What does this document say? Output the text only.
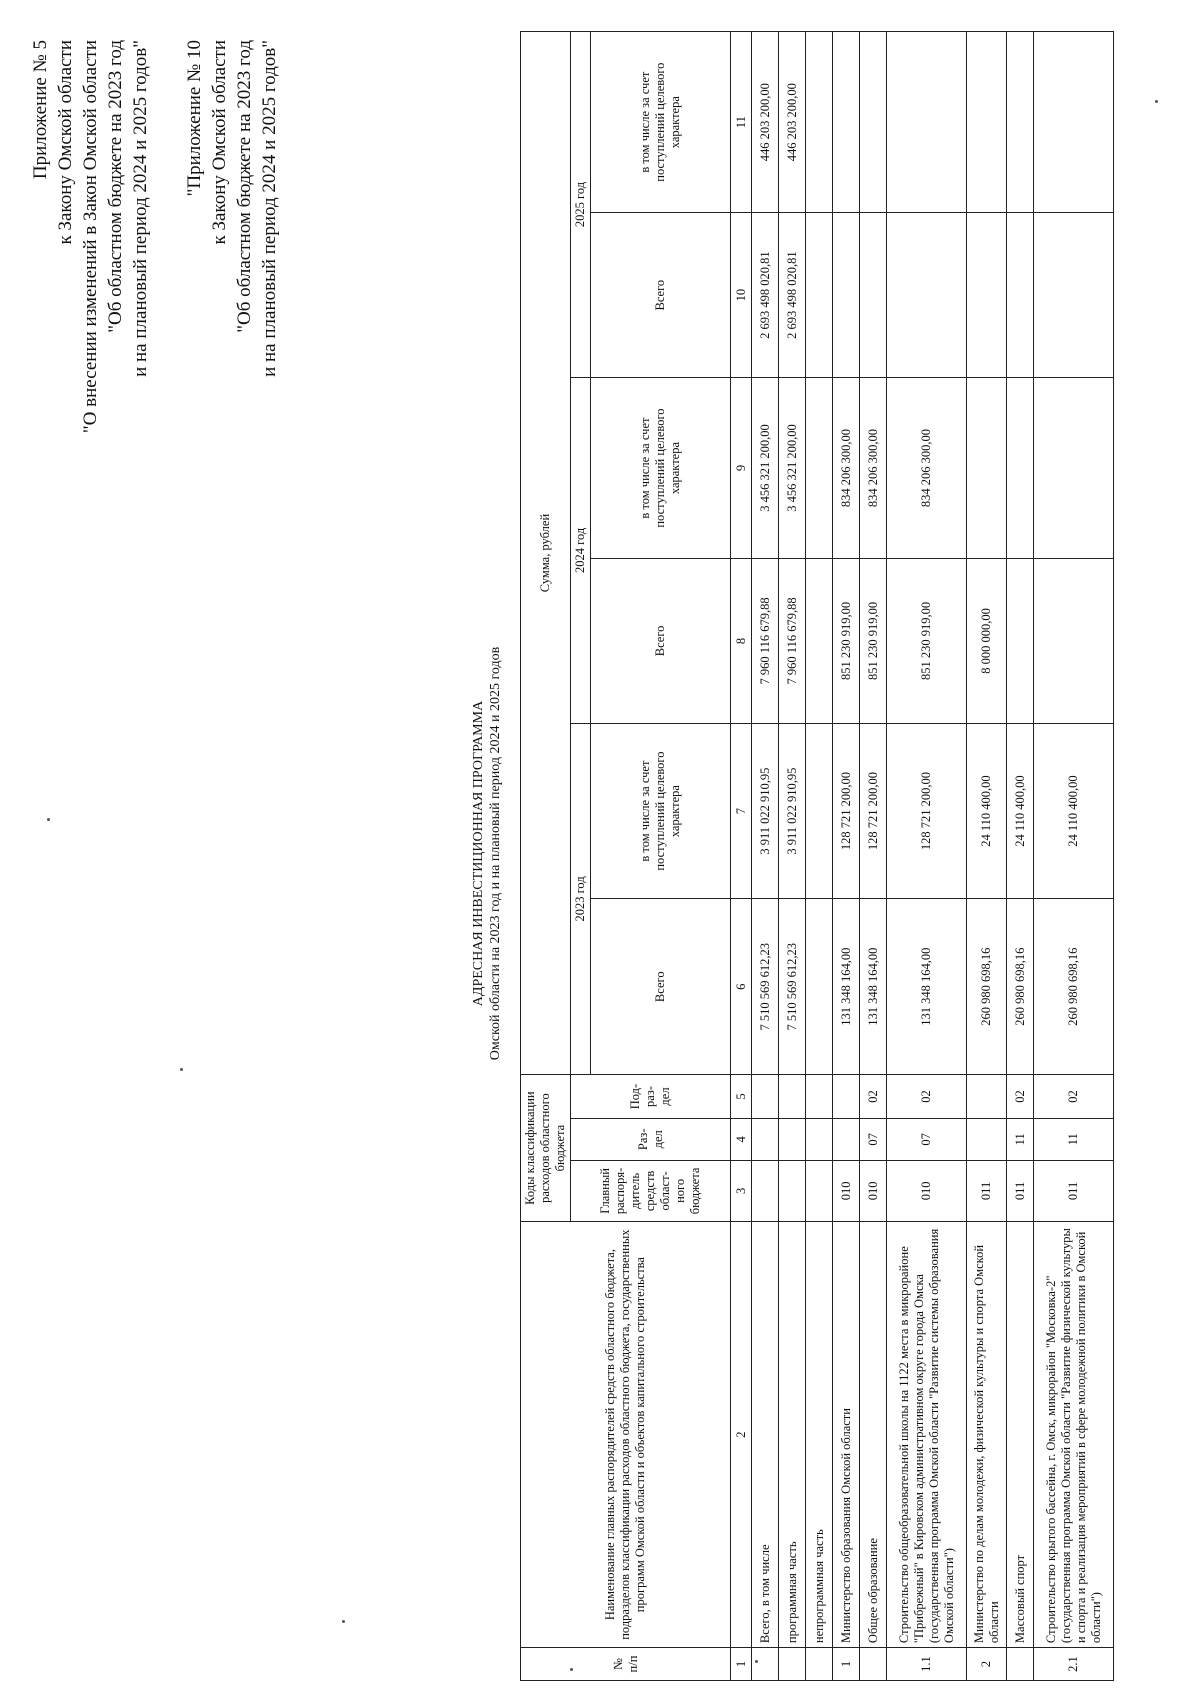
Приложение № 5 к Закону Омской области "О внесении изменений в Закон Омской области "Об областном бюджете на 2023 год и на плановый период 2024 и 2025 годов" "Приложение № 10 к Закону Омской области "Об областном бюджете на 2023 год и на плановый период 2024 и 2025 годов"
АДРЕСНАЯ ИНВЕСТИЦИОННАЯ ПРОГРАММА Омской области на 2023 год и на плановый период 2024 и 2025 годов
№ п/п	Наименование главных распорядителей средств областного бюджета, подразделов классификации расходов областного бюджета, государственных программ Омской области и объектов капитального строительства	Коды классификации расходов областного бюджета			Сумма, рублей					
		Главный распоря-дитель средств област-ного бюджета	Раз-дел	Под-раз-дел	2023 год		2024 год		2025 год	
					Всего	в том числе за счет поступлений целевого характера	Всего	в том числе за счет поступлений целевого характера	Всего	в том числе за счет поступлений целевого характера
1	2	3	4	5	6	7	8	9	10	11
	Всего, в том числе				7 510 569 612,23	3 911 022 910,95	7 960 116 679,88	3 456 321 200,00	2 693 498 020,81	446 203 200,00
	программная часть				7 510 569 612,23	3 911 022 910,95	7 960 116 679,88	3 456 321 200,00	2 693 498 020,81	446 203 200,00
	непрограммная часть									
1	Министерство образования Омской области	010			131 348 164,00	128 721 200,00	851 230 919,00	834 206 300,00		
	Общее образование	010	07	02	131 348 164,00	128 721 200,00	851 230 919,00	834 206 300,00		
1.1	Строительство общеобразовательной школы на 1122 места в микрорайоне "Прибрежный" в Кировском административном округе города Омска (государственная программа Омской области "Развитие системы образования Омской области")	010	07	02	131 348 164,00	128 721 200,00	851 230 919,00	834 206 300,00		
2	Министерство по делам молодежи, физической культуры и спорта Омской области	011			260 980 698,16	24 110 400,00	8 000 000,00			
	Массовый спорт	011	11	02	260 980 698,16	24 110 400,00				
2.1	Строительство крытого бассейна, г. Омск, микрорайон "Московка-2" (государственная программа Омской области "Развитие физической культуры и спорта и реализация мероприятий в сфере молодежной политики в Омской области")	011	11	02	260 980 698,16	24 110 400,00				
